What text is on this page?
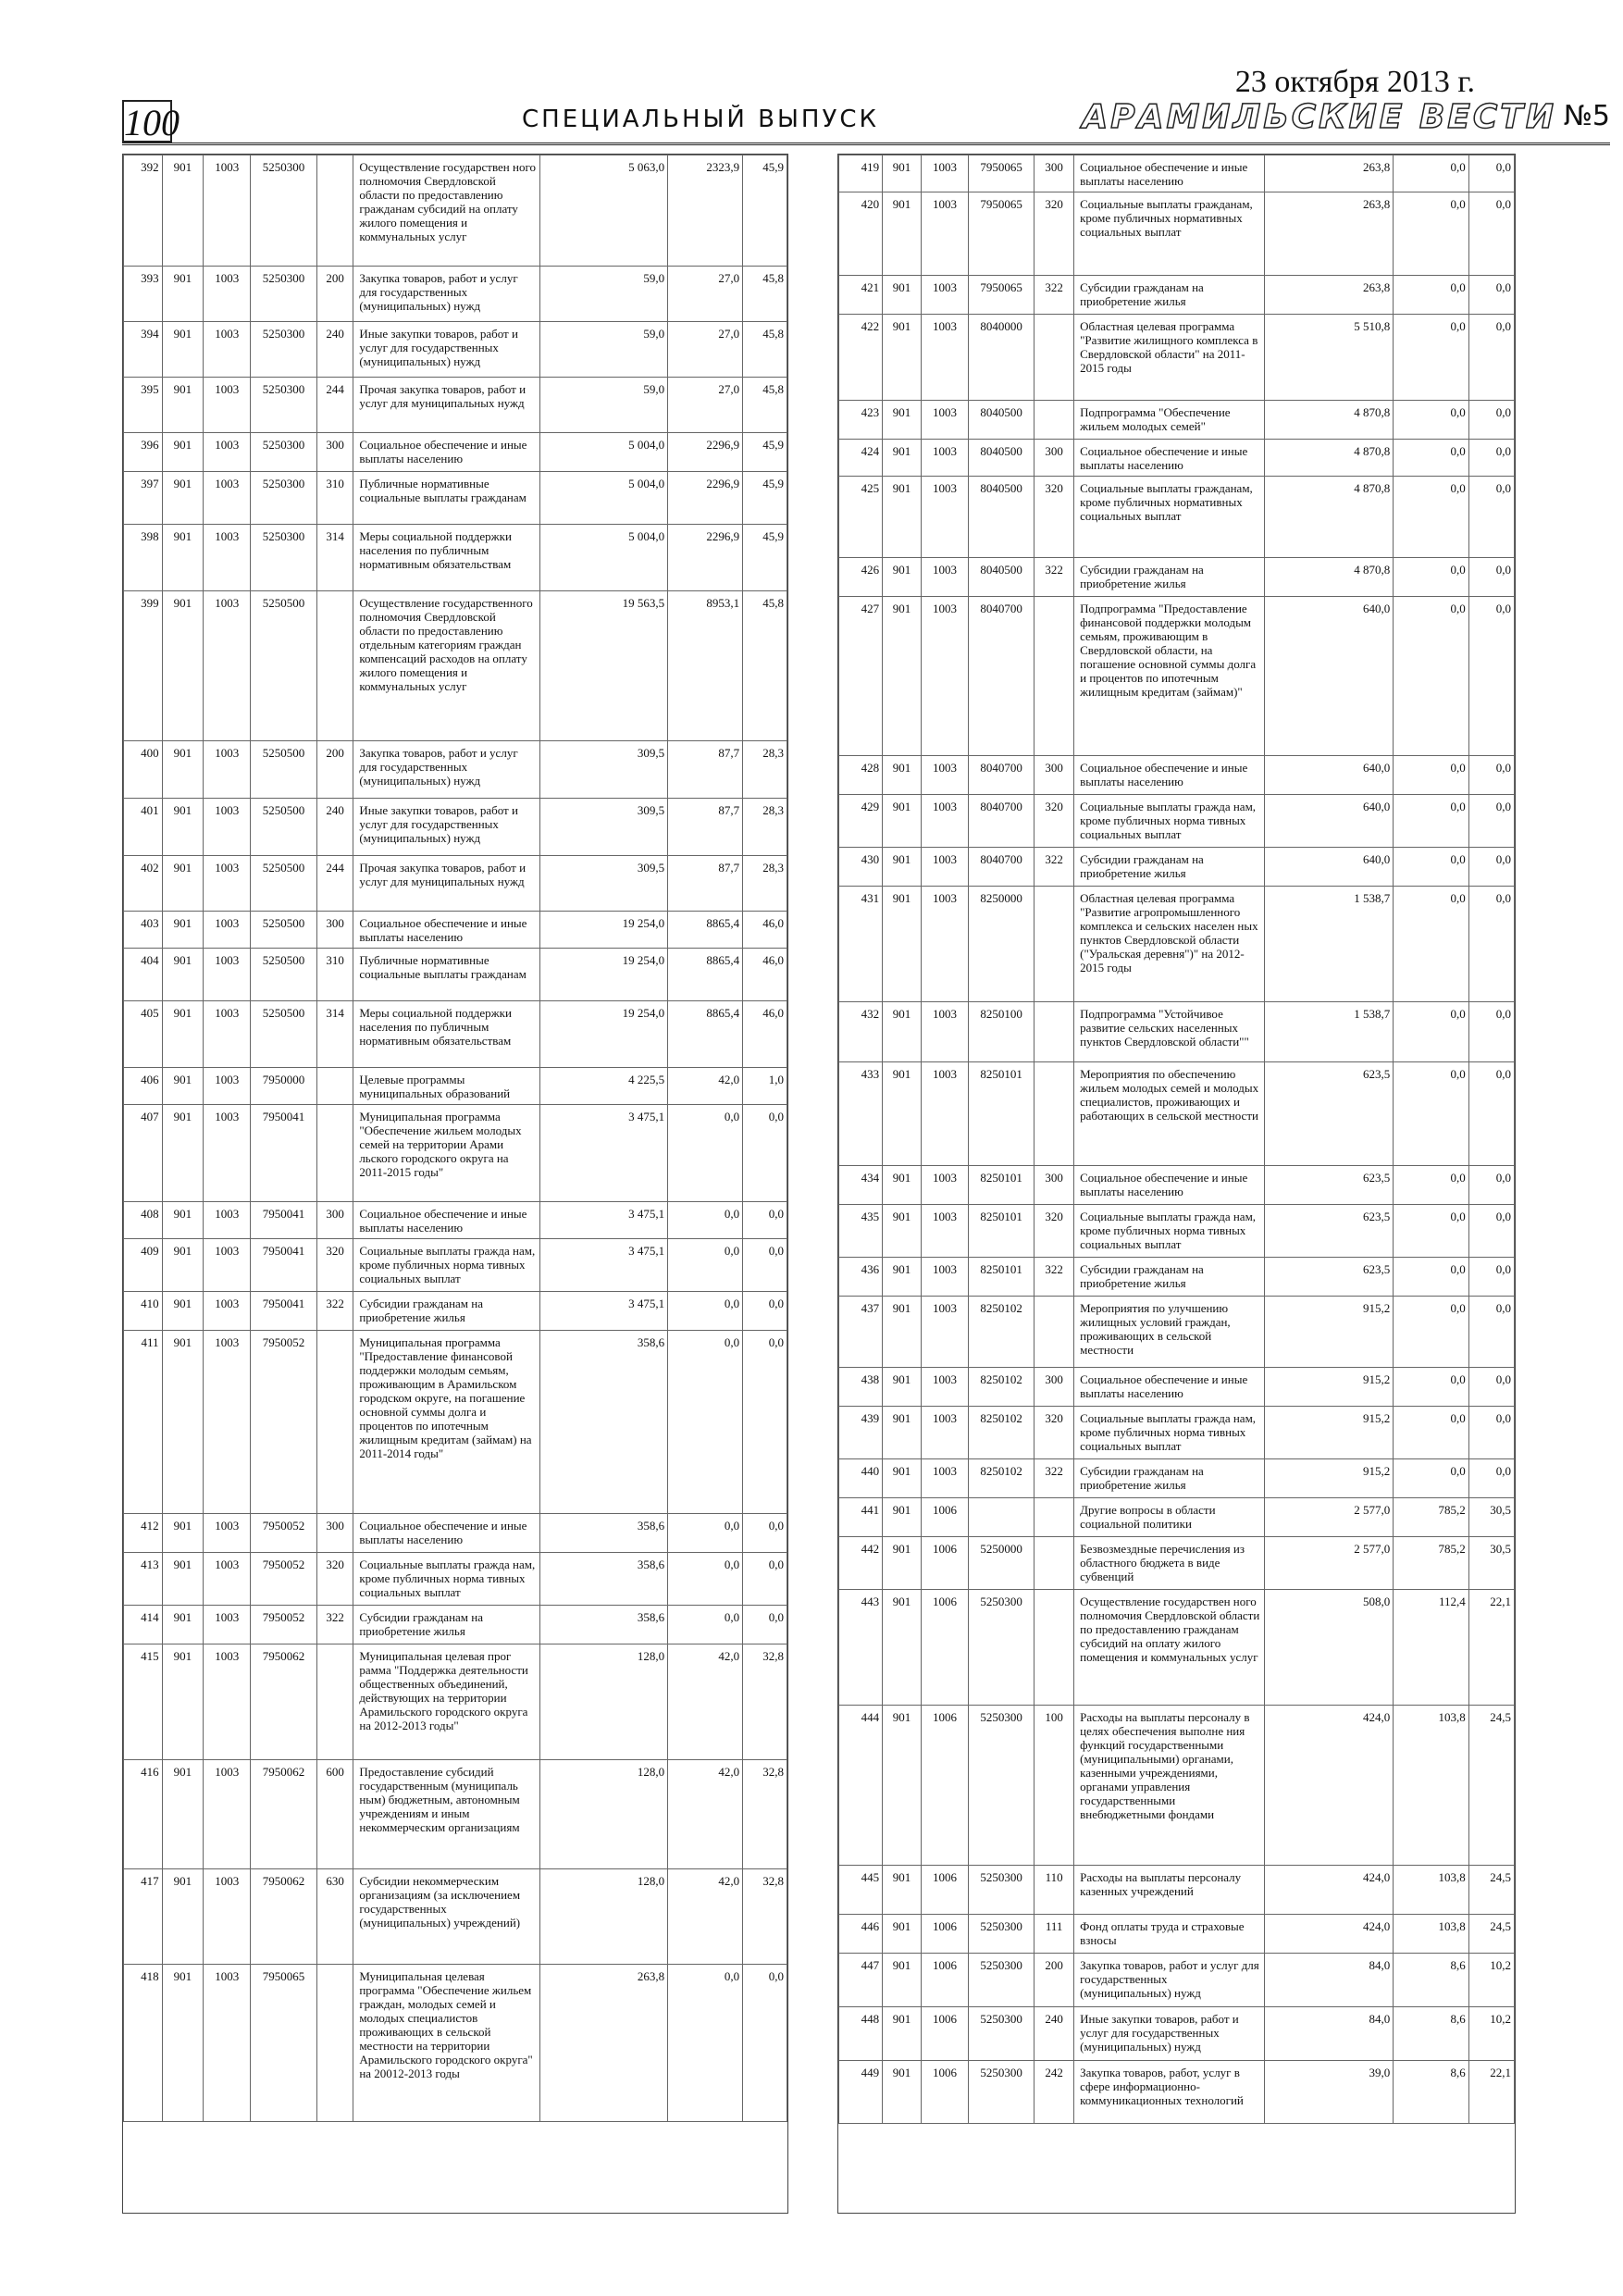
100	СПЕЦИАЛЬНЫЙ ВЫПУСК
23 октября 2013 г.
АРАМИЛЬСКИЕ ВЕСТИ №5
392	901	1003	5250300		Осуществление государствен ного полномочия Свердловской области по предоставлению гражданам субсидий на оплату жилого помещения и коммунальных услуг	5 063,0	2323,9	45,9
393	901	1003	5250300	200	Закупка товаров, работ и услуг для государственных (муниципальных) нужд	59,0	27,0	45,8
394	901	1003	5250300	240	Иные закупки товаров, работ и услуг для государственных (муниципальных) нужд	59,0	27,0	45,8
395	901	1003	5250300	244	Прочая закупка товаров, работ и услуг для муниципальных нужд	59,0	27,0	45,8
396	901	1003	5250300	300	Социальное обеспечение и иные выплаты населению	5 004,0	2296,9	45,9
397	901	1003	5250300	310	Публичные нормативные социальные выплаты гражданам	5 004,0	2296,9	45,9
398	901	1003	5250300	314	Меры социальной поддержки населения по публичным нормативным обязательствам	5 004,0	2296,9	45,9
399	901	1003	5250500		Осуществление государственного полномочия Свердловской области по предоставлению отдельным категориям граждан компенсаций расходов на оплату жилого помещения и коммунальных услуг	19 563,5	8953,1	45,8
400	901	1003	5250500	200	Закупка товаров, работ и услуг для государственных (муниципальных) нужд	309,5	87,7	28,3
401	901	1003	5250500	240	Иные закупки товаров, работ и услуг для государственных (муниципальных) нужд	309,5	87,7	28,3
402	901	1003	5250500	244	Прочая закупка товаров, работ и услуг для муниципальных нужд	309,5	87,7	28,3
403	901	1003	5250500	300	Социальное обеспечение и иные выплаты населению	19 254,0	8865,4	46,0
404	901	1003	5250500	310	Публичные нормативные социальные выплаты гражданам	19 254,0	8865,4	46,0
405	901	1003	5250500	314	Меры социальной поддержки населения по публичным нормативным обязательствам	19 254,0	8865,4	46,0
406	901	1003	7950000		Целевые программы муниципальных образований	4 225,5	42,0	1,0
407	901	1003	7950041		Муниципальная программа "Обеспечение жильем молодых семей на территории Арами льского городского округа на 2011-2015 годы"	3 475,1	0,0	0,0
408	901	1003	7950041	300	Социальное обеспечение и иные выплаты населению	3 475,1	0,0	0,0
409	901	1003	7950041	320	Социальные выплаты гражда нам, кроме публичных норма тивных социальных выплат	3 475,1	0,0	0,0
410	901	1003	7950041	322	Субсидии гражданам на приобретение жилья	3 475,1	0,0	0,0
411	901	1003	7950052		Муниципальная программа "Предоставление финансовой поддержки молодым семьям, проживающим в Арамильском городском округе, на погашение основной суммы долга и процентов по ипотечным жилищным кредитам (займам) на 2011-2014 годы"	358,6	0,0	0,0
412	901	1003	7950052	300	Социальное обеспечение и иные выплаты населению	358,6	0,0	0,0
413	901	1003	7950052	320	Социальные выплаты гражда нам, кроме публичных норма тивных социальных выплат	358,6	0,0	0,0
414	901	1003	7950052	322	Субсидии гражданам на приобретение жилья	358,6	0,0	0,0
415	901	1003	7950062		Муниципальная целевая прог рамма "Поддержка деятельности общественных объединений, действующих на территории Арамильского городского округа на 2012-2013 годы"	128,0	42,0	32,8
416	901	1003	7950062	600	Предоставление субсидий государственным (муниципаль ным) бюджетным, автономным учреждениям и иным некоммерческим организациям	128,0	42,0	32,8
417	901	1003	7950062	630	Субсидии некоммерческим организациям (за исключением государственных (муниципальных) учреждений)	128,0	42,0	32,8
418	901	1003	7950065		Муниципальная целевая программа "Обеспечение жильем граждан, молодых семей и молодых специалистов проживающих в сельской местности на территории Арамильского городского округа" на 20012-2013 годы	263,8	0,0	0,0
419	901	1003	7950065	300	Социальное обеспечение и иные выплаты населению	263,8	0,0	0,0
420	901	1003	7950065	320	Социальные выплаты гражданам, кроме публичных нормативных социальных выплат	263,8	0,0	0,0
421	901	1003	7950065	322	Субсидии гражданам на приобретение жилья	263,8	0,0	0,0
422	901	1003	8040000		Областная целевая программа "Развитие жилищного комплекса в Свердловской области" на 2011-2015 годы	5 510,8	0,0	0,0
423	901	1003	8040500		Подпрограмма "Обеспечение жильем молодых семей"	4 870,8	0,0	0,0
424	901	1003	8040500	300	Социальное обеспечение и иные выплаты населению	4 870,8	0,0	0,0
425	901	1003	8040500	320	Социальные выплаты гражданам, кроме публичных нормативных социальных выплат	4 870,8	0,0	0,0
426	901	1003	8040500	322	Субсидии гражданам на приобретение жилья	4 870,8	0,0	0,0
427	901	1003	8040700		Подпрограмма "Предоставление финансовой поддержки молодым семьям, проживающим в Свердловской области, на погашение основной суммы долга и процентов по ипотечным жилищным кредитам (займам)"	640,0	0,0	0,0
428	901	1003	8040700	300	Социальное обеспечение и иные выплаты населению	640,0	0,0	0,0
429	901	1003	8040700	320	Социальные выплаты гражда нам, кроме публичных норма тивных социальных выплат	640,0	0,0	0,0
430	901	1003	8040700	322	Субсидии гражданам на приобретение жилья	640,0	0,0	0,0
431	901	1003	8250000		Областная целевая программа "Развитие агропромышленного комплекса и сельских населен ных пунктов Свердловской области ("Уральская деревня")" на 2012-2015 годы	1 538,7	0,0	0,0
432	901	1003	8250100		Подпрограмма "Устойчивое развитие сельских населенных пунктов Свердловской области""	1 538,7	0,0	0,0
433	901	1003	8250101		Мероприятия по обеспечению жильем молодых семей и молодых специалистов, проживающих и работающих в сельской местности	623,5	0,0	0,0
434	901	1003	8250101	300	Социальное обеспечение и иные выплаты населению	623,5	0,0	0,0
435	901	1003	8250101	320	Социальные выплаты гражда нам, кроме публичных норма тивных социальных выплат	623,5	0,0	0,0
436	901	1003	8250101	322	Субсидии гражданам на приобретение жилья	623,5	0,0	0,0
437	901	1003	8250102		Мероприятия по улучшению жилищных условий граждан, проживающих в сельской местности	915,2	0,0	0,0
438	901	1003	8250102	300	Социальное обеспечение и иные выплаты населению	915,2	0,0	0,0
439	901	1003	8250102	320	Социальные выплаты гражда нам, кроме публичных норма тивных социальных выплат	915,2	0,0	0,0
440	901	1003	8250102	322	Субсидии гражданам на приобретение жилья	915,2	0,0	0,0
441	901	1006			Другие вопросы в области социальной политики	2 577,0	785,2	30,5
442	901	1006	5250000		Безвозмездные перечисления из областного бюджета в виде субвенций	2 577,0	785,2	30,5
443	901	1006	5250300		Осуществление государствен ного полномочия Свердловской области по предоставлению гражданам субсидий на оплату жилого помещения и коммунальных услуг	508,0	112,4	22,1
444	901	1006	5250300	100	Расходы на выплаты персоналу в целях обеспечения выполне ния функций государственными (муниципальными) органами, казенными учреждениями, органами управления государственными внебюджетными фондами	424,0	103,8	24,5
445	901	1006	5250300	110	Расходы на выплаты персоналу казенных учреждений	424,0	103,8	24,5
446	901	1006	5250300	111	Фонд оплаты труда и страховые взносы	424,0	103,8	24,5
447	901	1006	5250300	200	Закупка товаров, работ и услуг для государственных (муниципальных) нужд	84,0	8,6	10,2
448	901	1006	5250300	240	Иные закупки товаров, работ и услуг для государственных (муниципальных) нужд	84,0	8,6	10,2
449	901	1006	5250300	242	Закупка товаров, работ, услуг в сфере информационно-коммуникационных технологий	39,0	8,6	22,1
